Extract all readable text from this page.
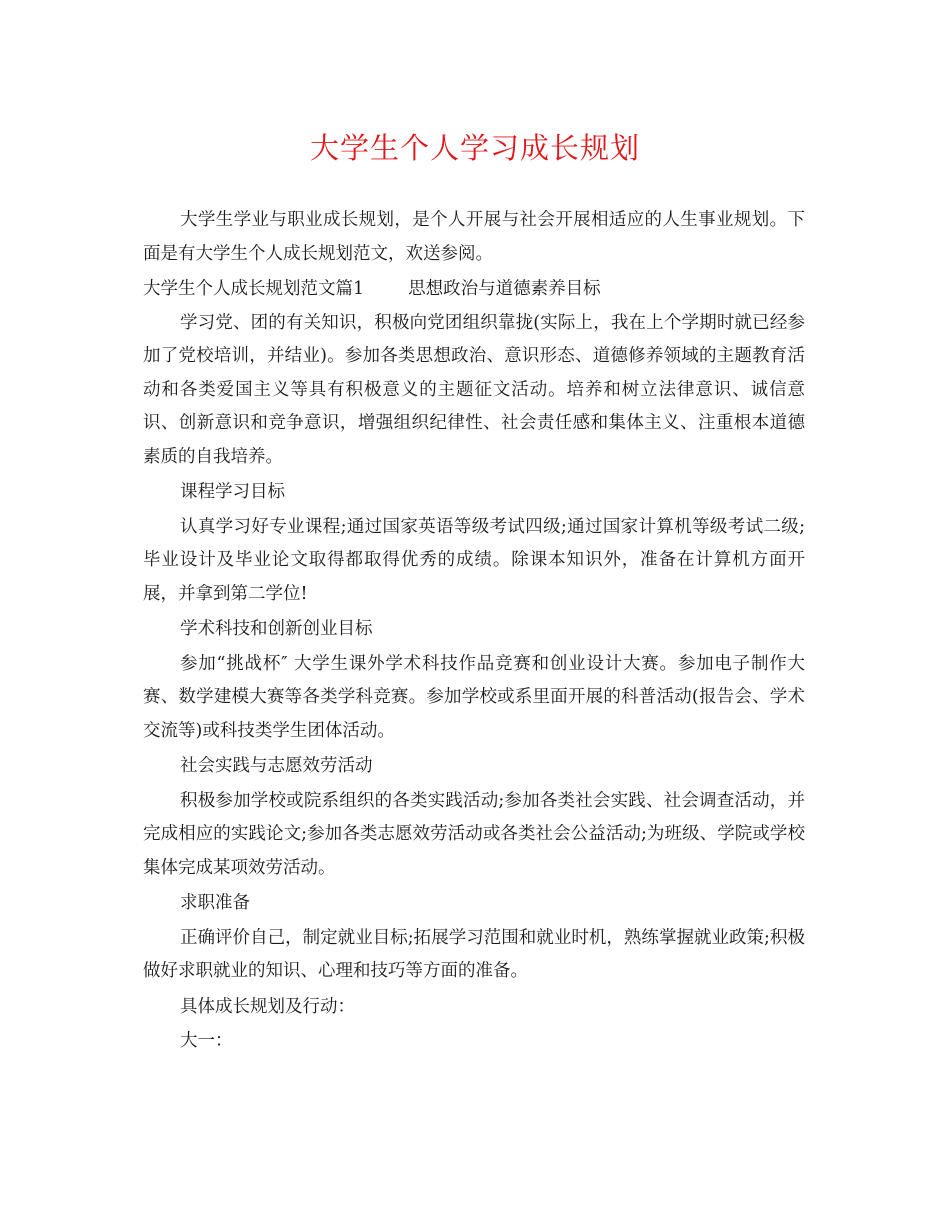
大学生个人学习成长规划

大学生学业与职业成长规划，是个人开展与社会开展相适应的人生事业规划。下面是有大学生个人成长规划范文，欢送参阅。

大学生个人成长规划范文篇1	思想政治与道德素养目标

学习党、团的有关知识，积极向党团组织靠拢(实际上，我在上个学期时就已经参加了党校培训，并结业)。参加各类思想政治、意识形态、道德修养领域的主题教育活动和各类爱国主义等具有积极意义的主题征文活动。培养和树立法律意识、诚信意识、创新意识和竞争意识，增强组织纪律性、社会责任感和集体主义、注重根本道德素质的自我培养。

课程学习目标

认真学习好专业课程;通过国家英语等级考试四级;通过国家计算机等级考试二级;毕业设计及毕业论文取得都取得优秀的成绩。除课本知识外，准备在计算机方面开展，并拿到第二学位!

学术科技和创新创业目标

参加“挑战杯″ 大学生课外学术科技作品竞赛和创业设计大赛。参加电子制作大赛、数学建模大赛等各类学科竞赛。参加学校或系里面开展的科普活动(报告会、学术交流等)或科技类学生团体活动。

社会实践与志愿效劳活动

积极参加学校或院系组织的各类实践活动;参加各类社会实践、社会调查活动，并完成相应的实践论文;参加各类志愿效劳活动或各类社会公益活动;为班级、学院或学校集体完成某项效劳活动。

求职准备

正确评价自己，制定就业目标;拓展学习范围和就业时机，熟练掌握就业政策;积极做好求职就业的知识、心理和技巧等方面的准备。

具体成长规划及行动：

大一：
